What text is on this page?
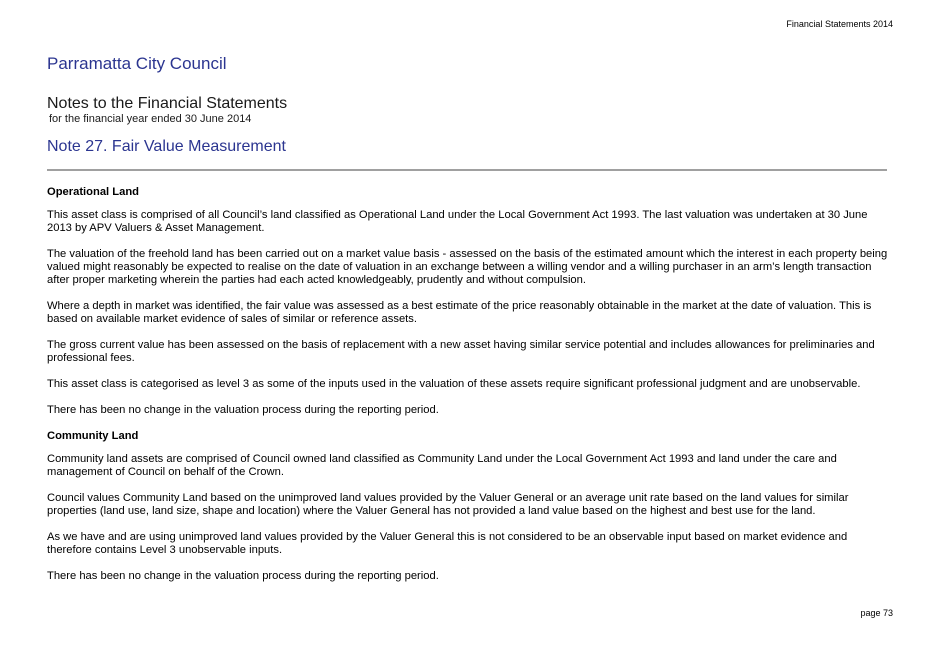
Financial Statements 2014
Parramatta City Council
Notes to the Financial Statements
for the financial year ended 30 June 2014
Note 27. Fair Value Measurement
Operational Land

This asset class is comprised of all Council’s land classified as Operational Land under the Local Government Act 1993. The last valuation was undertaken at 30 June 2013 by APV Valuers & Asset Management.

The valuation of the freehold land has been carried out on a market value basis - assessed on the basis of the estimated amount which the interest in each property being valued might reasonably be expected to realise on the date of valuation in an exchange between a willing vendor and a willing purchaser in an arm’s length transaction after proper marketing wherein the parties had each acted knowledgeably, prudently and without compulsion.

Where a depth in market was identified, the fair value was assessed as a best estimate of the price reasonably obtainable in the market at the date of valuation. This is based on available market evidence of sales of similar or reference assets.

The gross current value has been assessed on the basis of replacement with a new asset having similar service potential and includes allowances for preliminaries and professional fees.

This asset class is categorised as level 3 as some of the inputs used in the valuation of these assets require significant professional judgment and are unobservable.

There has been no change in the valuation process during the reporting period.

Community Land

Community land assets are comprised of Council owned land classified as Community Land under the Local Government Act 1993 and land under the care and management of Council on behalf of the Crown.

Council values Community Land based on the unimproved land values provided by the Valuer General or an average unit rate based on the land values for similar properties (land use, land size, shape and location) where the Valuer General has not provided a land value based on the highest and best use for the land.

As we have and are using unimproved land values provided by the Valuer General this is not considered to be an observable input based on market evidence and therefore contains Level 3 unobservable inputs.

There has been no change in the valuation process during the reporting period.

page 73
